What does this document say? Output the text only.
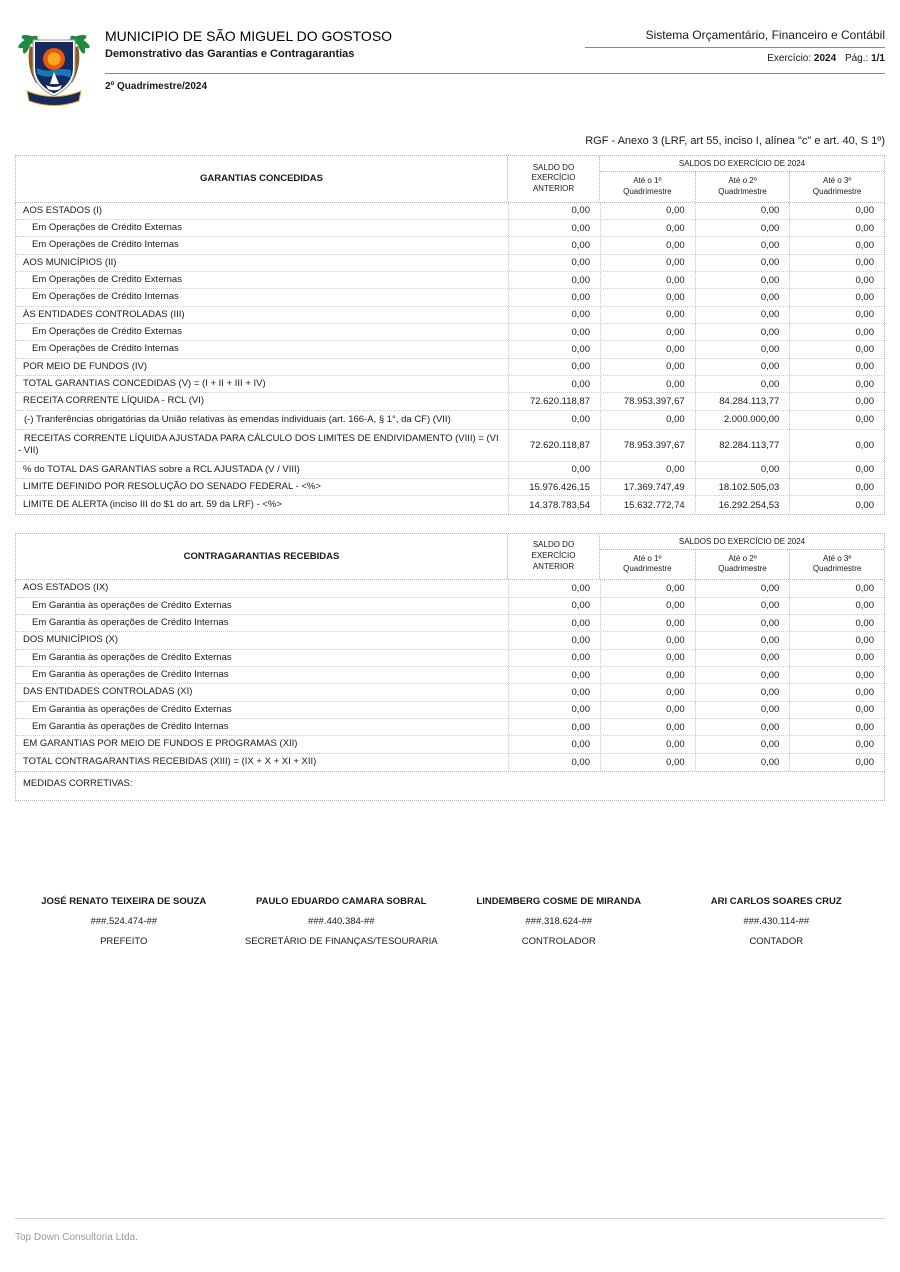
MUNICIPIO DE SÃO MIGUEL DO GOSTOSO
Demonstrativo das Garantias e Contragarantias
Sistema Orçamentário, Financeiro e Contábil
Exercício: 2024 Pág.: 1/1
2º Quadrimestre/2024
RGF - Anexo 3 (LRF, art 55, inciso I, alínea "c" e art. 40, S 1º)
GARANTIAS CONCEDIDAS
SALDO DO EXERCÍCIO ANTERIOR
SALDOS DO EXERCÍCIO DE 2024
Até o 1º Quadrimestre
Até o 2º Quadrimestre
Até o 3º Quadrimestre
AOS ESTADOS (I)	0,00	0,00	0,00	0,00
Em Operações de Crédito Externas	0,00	0,00	0,00	0,00
Em Operações de Crédito Internas	0,00	0,00	0,00	0,00
AOS MUNICÍPIOS (II)	0,00	0,00	0,00	0,00
Em Operações de Crédito Externas	0,00	0,00	0,00	0,00
Em Operações de Crédito Internas	0,00	0,00	0,00	0,00
ÀS ENTIDADES CONTROLADAS (III)	0,00	0,00	0,00	0,00
Em Operações de Crédito Externas	0,00	0,00	0,00	0,00
Em Operações de Crédito Internas	0,00	0,00	0,00	0,00
POR MEIO DE FUNDOS (IV)	0,00	0,00	0,00	0,00
TOTAL GARANTIAS CONCEDIDAS (V) = (I + II + III + IV)	0,00	0,00	0,00	0,00
RECEITA CORRENTE LÍQUIDA - RCL (VI)	72.620.118,87	78.953.397,67	84.284.113,77	0,00
(-) Tranferências obrigatórias da União relativas às emendas individuais (art. 166-A, § 1°, da CF) (VII)	0,00	0,00	2.000.000,00	0,00
RECEITAS CORRENTE LÍQUIDA AJUSTADA PARA CÁLCULO DOS LIMITES DE ENDIVIDAMENTO (VIII) = (VI - VII)	72.620.118,87	78.953.397,67	82.284.113,77	0,00
% do TOTAL DAS GARANTIAS sobre a RCL AJUSTADA (V / VIII)	0,00	0,00	0,00	0,00
LIMITE DEFINIDO POR RESOLUÇÃO DO SENADO FEDERAL - <%>	15.976.426,15	17.369.747,49	18.102.505,03	0,00
LIMITE DE ALERTA (inciso III do $1 do art. 59 da LRF) - <%>	14.378.783,54	15.632.772,74	16.292.254,53	0,00
CONTRAGARANTIAS RECEBIDAS
SALDO DO EXERCÍCIO ANTERIOR
SALDOS DO EXERCÍCIO DE 2024
Até o 1º Quadrimestre
Até o 2º Quadrimestre
Até o 3º Quadrimestre
AOS ESTADOS (IX)	0,00	0,00	0,00	0,00
Em Garantia às operações de Crédito Externas	0,00	0,00	0,00	0,00
Em Garantia às operações de Crédito Internas	0,00	0,00	0,00	0,00
DOS MUNICÍPIOS (X)	0,00	0,00	0,00	0,00
Em Garantia às operações de Crédito Externas	0,00	0,00	0,00	0,00
Em Garantia às operações de Crédito Internas	0,00	0,00	0,00	0,00
DAS ENTIDADES CONTROLADAS (XI)	0,00	0,00	0,00	0,00
Em Garantia às operações de Crédito Externas	0,00	0,00	0,00	0,00
Em Garantia às operações de Crédito Internas	0,00	0,00	0,00	0,00
EM GARANTIAS POR MEIO DE FUNDOS E PROGRAMAS (XII)	0,00	0,00	0,00	0,00
TOTAL CONTRAGARANTIAS RECEBIDAS (XIII) = (IX + X + XI + XII)	0,00	0,00	0,00	0,00
MEDIDAS CORRETIVAS:
JOSÉ RENATO TEIXEIRA DE SOUZA
###.524.474-##
PREFEITO
PAULO EDUARDO CAMARA SOBRAL
###.440.384-##
SECRETÁRIO DE FINANÇAS/TESOURARIA
LINDEMBERG COSME DE MIRANDA
###.318.624-##
CONTROLADOR
ARI CARLOS SOARES CRUZ
###.430.114-##
CONTADOR
Top Down Consultoria Ltda.
